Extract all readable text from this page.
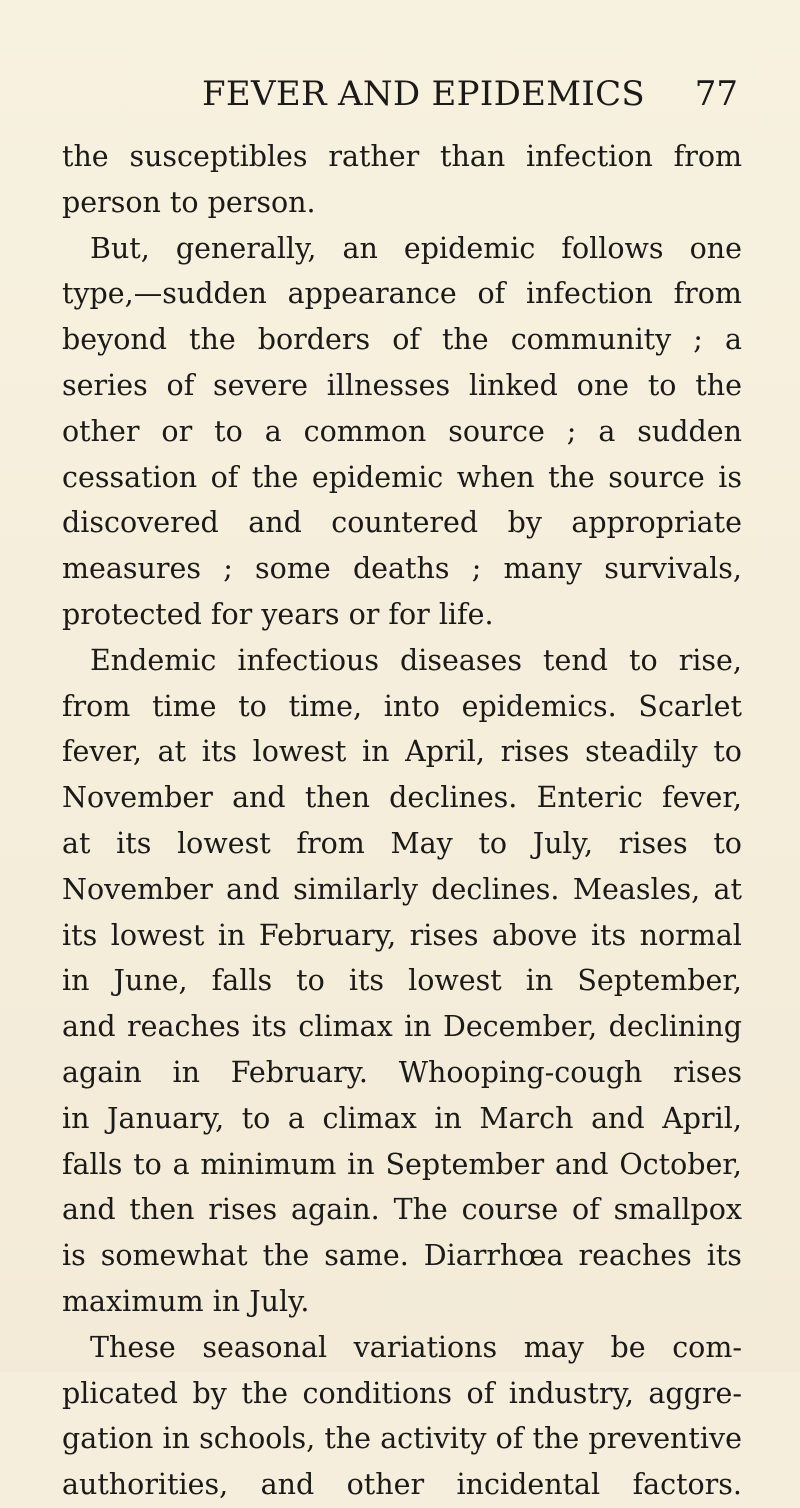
FEVER AND EPIDEMICS 77
the susceptibles rather than infection from
person to person.
But, generally, an epidemic follows one
type,—sudden appearance of infection from
beyond the borders of the community ; a
series of severe illnesses linked one to the
other or to a common source ; a sudden
cessation of the epidemic when the source is
discovered and countered by appropriate
measures ; some deaths ; many survivals,
protected for years or for life.
Endemic infectious diseases tend to rise,
from time to time, into epidemics. Scarlet
fever, at its lowest in April, rises steadily to
November and then declines. Enteric fever,
at its lowest from May to July, rises to
November and similarly declines. Measles, at
its lowest in February, rises above its normal
in June, falls to its lowest in September,
and reaches its climax in December, declining
again in February. Whooping-cough rises
in January, to a climax in March and April,
falls to a minimum in September and October,
and then rises again. The course of smallpox
is somewhat the same. Diarrhœa reaches its
maximum in July.
These seasonal variations may be com-
plicated by the conditions of industry, aggre-
gation in schools, the activity of the preventive
authorities, and other incidental factors.
